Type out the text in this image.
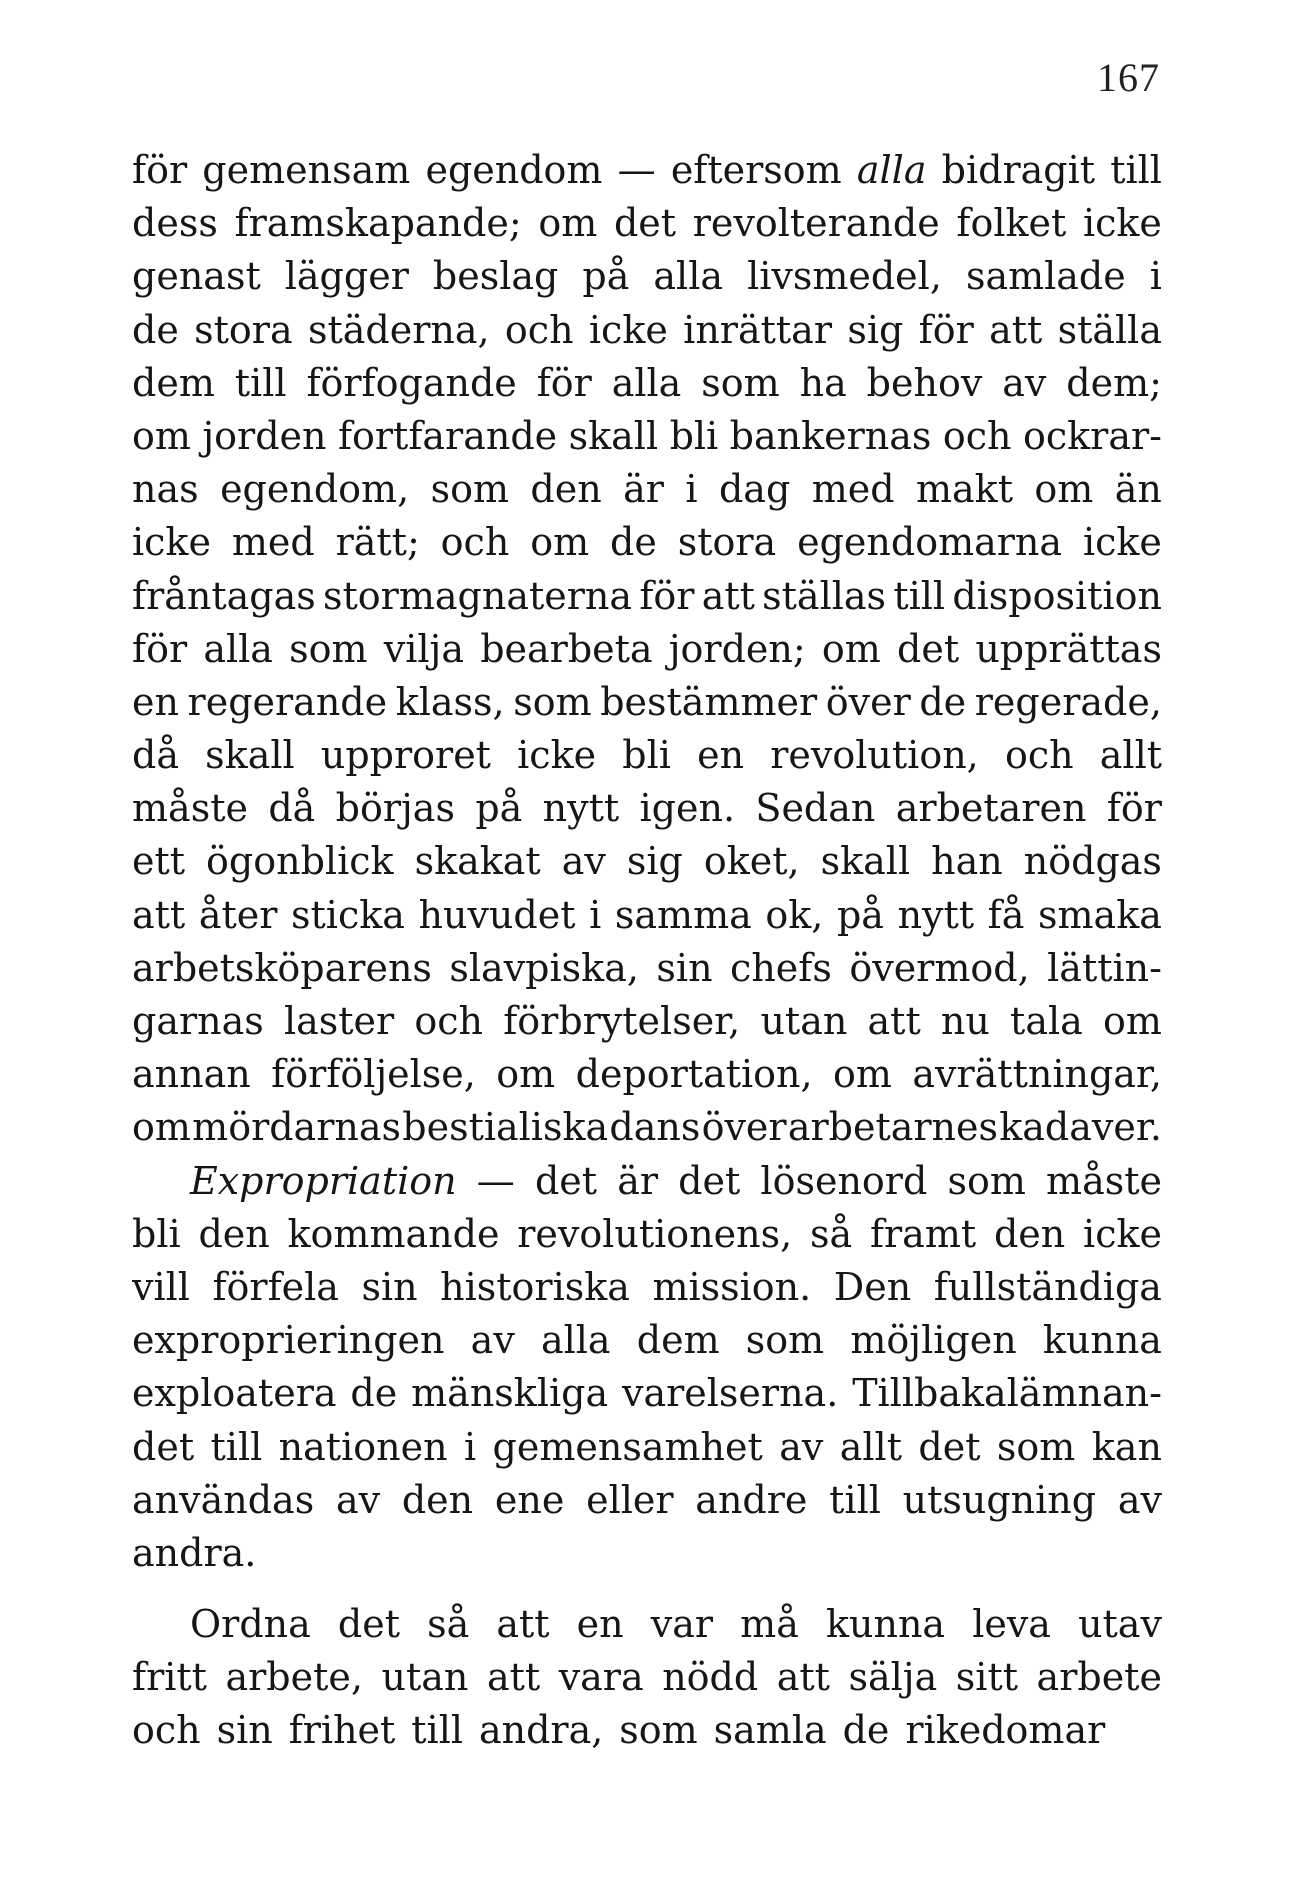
167
för gemensam egendom — eftersom alla bidragit till
dess framskapande; om det revolterande folket icke
genast lägger beslag på alla livsmedel, samlade i
de stora städerna, och icke inrättar sig för att ställa
dem till förfogande för alla som ha behov av dem;
om jorden fortfarande skall bli bankernas och ockrar-
nas egendom, som den är i dag med makt om än
icke med rätt; och om de stora egendomarna icke
fråntagas stormagnaterna för att ställas till disposition
för alla som vilja bearbeta jorden; om det upprättas
en regerande klass, som bestämmer över de regerade,
då skall upproret icke bli en revolution, och allt
måste då börjas på nytt igen. Sedan arbetaren för
ett ögonblick skakat av sig oket, skall han nödgas
att åter sticka huvudet i samma ok, på nytt få smaka
arbetsköparens slavpiska, sin chefs övermod, lättin-
garnas laster och förbrytelser, utan att nu tala om
annan förföljelse, om deportation, om avrättningar,
om mördarnas bestialiska dans över arbetarnes kadaver.
Expropriation — det är det lösenord som måste
bli den kommande revolutionens, så framt den icke
vill förfela sin historiska mission. Den fullständiga
exproprieringen av alla dem som möjligen kunna
exploatera de mänskliga varelserna. Tillbakalämnan-
det till nationen i gemensamhet av allt det som kan
användas av den ene eller andre till utsugning av
andra.
Ordna det så att en var må kunna leva utav
fritt arbete, utan att vara nödd att sälja sitt arbete
och sin frihet till andra, som samla de rikedomar
